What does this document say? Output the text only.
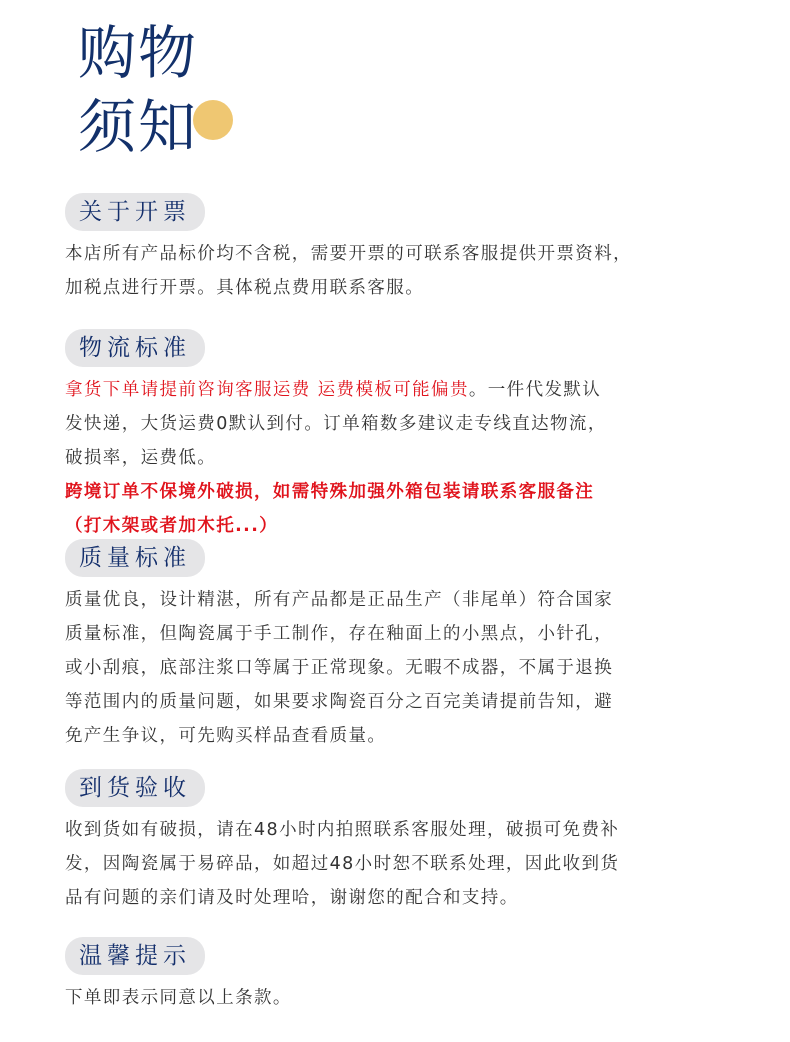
购物
须知
关于开票

本店所有产品标价均不含税，需要开票的可联系客服提供开票资料，

加税点进行开票。具体税点费用联系客服。

物流标准

拿货下单请提前咨询客服运费 运费模板可能偏贵。一件代发默认

发快递，大货运费0默认到付。订单箱数多建议走专线直达物流，

破损率，运费低。

跨境订单不保境外破损，如需特殊加强外箱包装请联系客服备注

（打木架或者加木托...）

质量标准

质量优良，设计精湛，所有产品都是正品生产（非尾单）符合国家

质量标准，但陶瓷属于手工制作，存在釉面上的小黑点，小针孔，

或小刮痕，底部注浆口等属于正常现象。无暇不成器，不属于退换

等范围内的质量问题，如果要求陶瓷百分之百完美请提前告知，避

免产生争议，可先购买样品查看质量。

到货验收

收到货如有破损，请在48小时内拍照联系客服处理，破损可免费补

发，因陶瓷属于易碎品，如超过48小时恕不联系处理，因此收到货

品有问题的亲们请及时处理哈，谢谢您的配合和支持。

温馨提示

下单即表示同意以上条款。
